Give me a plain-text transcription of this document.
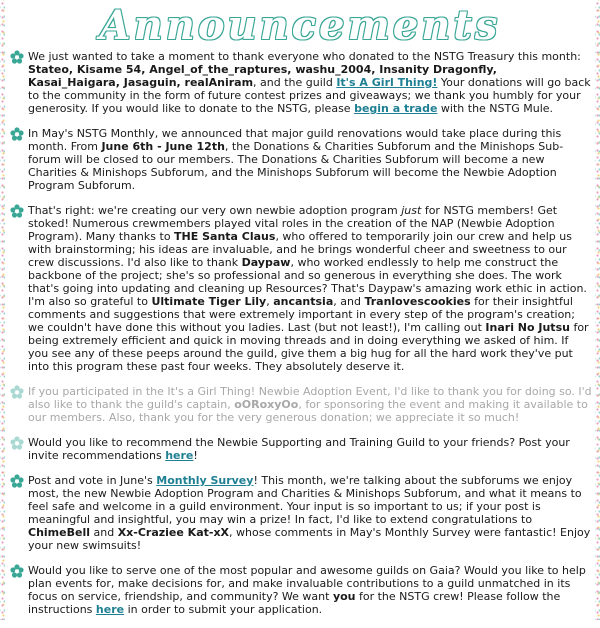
Announcements
We just wanted to take a moment to thank everyone who donated to the NSTG Treasury this month: Stateo, Kisame 54, Angel_of_the_raptures, washu_2004, Insanity Dragonfly, Kasai_Haigara, Jasaguin, realAniram, and the guild It's A Girl Thing! Your donations will go back to the community in the form of future contest prizes and giveaways; we thank you humbly for your generosity. If you would like to donate to the NSTG, please begin a trade with the NSTG Mule.
In May's NSTG Monthly, we announced that major guild renovations would take place during this month. From June 6th - June 12th, the Donations & Charities Subforum and the Minishops Sub-forum will be closed to our members. The Donations & Charities Subforum will become a new Charities & Minishops Subforum, and the Minishops Subforum will become the Newbie Adoption Program Subforum.
That's right: we're creating our very own newbie adoption program just for NSTG members! Get stoked! Numerous crewmembers played vital roles in the creation of the NAP (Newbie Adoption Program). Many thanks to THE Santa Claus, who offered to temporarily join our crew and help us with brainstorming; his ideas are invaluable, and he brings wonderful cheer and sweetness to our crew discussions. I'd also like to thank Daypaw, who worked endlessly to help me construct the backbone of the project; she's so professional and so generous in everything she does. The work that's going into updating and cleaning up Resources? That's Daypaw's amazing work ethic in action. I'm also so grateful to Ultimate Tiger Lily, ancantsia, and Tranlovescookies for their insightful comments and suggestions that were extremely important in every step of the program's creation; we couldn't have done this without you ladies. Last (but not least!), I'm calling out Inari No Jutsu for being extremely efficient and quick in moving threads and in doing everything we asked of him. If you see any of these peeps around the guild, give them a big hug for all the hard work they've put into this program these past four weeks. They absolutely deserve it.
If you participated in the It's a Girl Thing! Newbie Adoption Event, I'd like to thank you for doing so. I'd also like to thank the guild's captain, oORoxyOo, for sponsoring the event and making it available to our members. Also, thank you for the very generous donation; we appreciate it so much!
Would you like to recommend the Newbie Supporting and Training Guild to your friends? Post your invite recommendations here!
Post and vote in June's Monthly Survey! This month, we're talking about the subforums we enjoy most, the new Newbie Adoption Program and Charities & Minishops Subforum, and what it means to feel safe and welcome in a guild environment. Your input is so important to us; if your post is meaningful and insightful, you may win a prize! In fact, I'd like to extend congratulations to ChimeBell and Xx-Craziee Kat-xX, whose comments in May's Monthly Survey were fantastic! Enjoy your new swimsuits!
Would you like to serve one of the most popular and awesome guilds on Gaia? Would you like to help plan events for, make decisions for, and make invaluable contributions to a guild unmatched in its focus on service, friendship, and community? We want you for the NSTG crew! Please follow the instructions here in order to submit your application.
